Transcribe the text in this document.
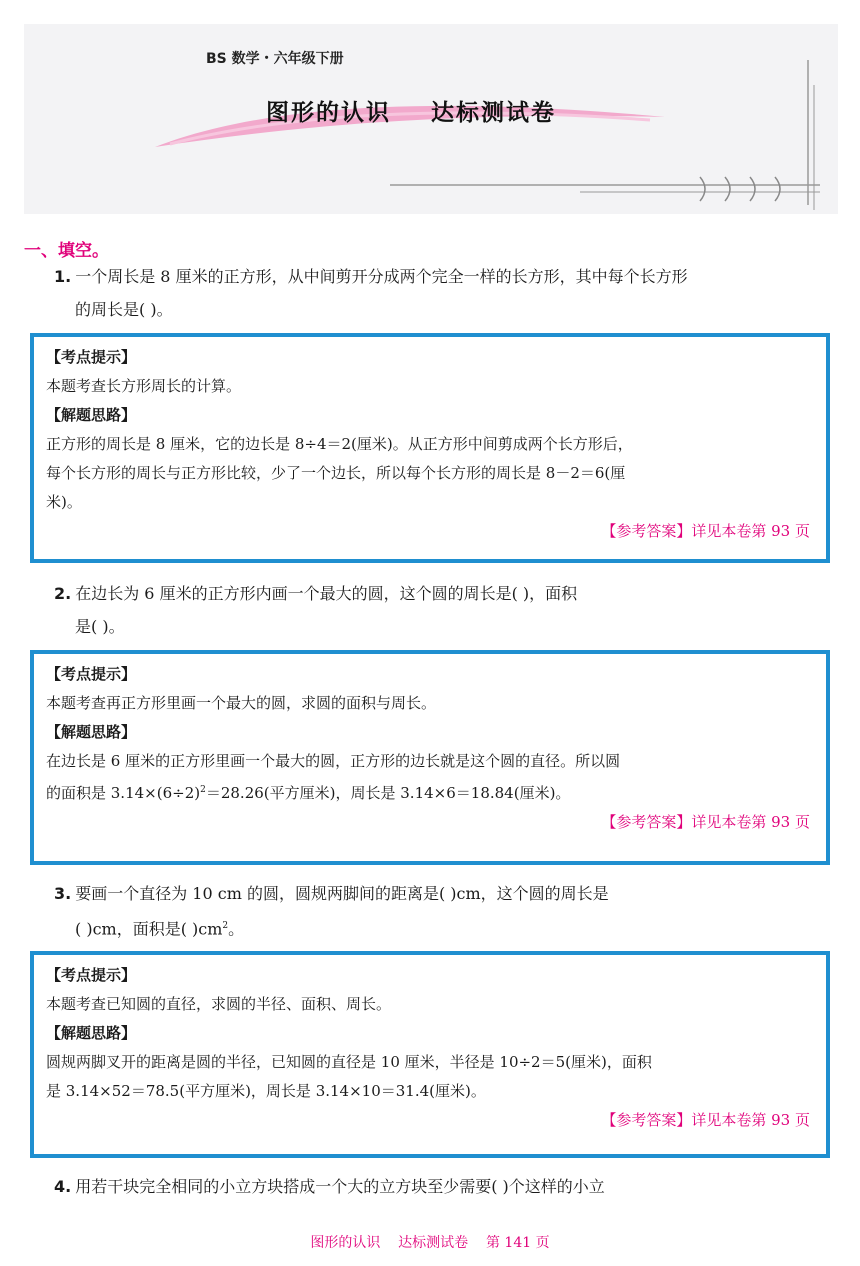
BS 数学・六年级下册
图形的认识    达标测试卷
一、填空。
1. 一个周长是 8 厘米的正方形，从中间剪开分成两个完全一样的长方形，其中每个长方形
的周长是( )。
【考点提示】
本题考查长方形周长的计算。
【解题思路】
正方形的周长是 8 厘米，它的边长是 8÷4＝2(厘米)。从正方形中间剪成两个长方形后，
每个长方形的周长与正方形比较，少了一个边长，所以每个长方形的周长是 8－2＝6(厘
米)。
【参考答案】详见本卷第 93 页
2. 在边长为 6 厘米的正方形内画一个最大的圆，这个圆的周长是( )，面积
是( )。
【考点提示】
本题考查再正方形里画一个最大的圆，求圆的面积与周长。
【解题思路】
在边长是 6 厘米的正方形里画一个最大的圆，正方形的边长就是这个圆的直径。所以圆
的面积是 $3.14\times(6\div 2)^2=28.26$(平方厘米)，周长是 3.14×6＝18.84(厘米)。
【参考答案】详见本卷第 93 页
3. 要画一个直径为 10 cm 的圆，圆规两脚间的距离是( )cm，这个圆的周长是
( )cm，面积是( )$cm^2$。
【考点提示】
本题考查已知圆的直径，求圆的半径、面积、周长。
【解题思路】
圆规两脚叉开的距离是圆的半径，已知圆的直径是 10 厘米，半径是 10÷2＝5(厘米)，面积
是 3.14×52＝78.5(平方厘米)，周长是 3.14×10＝31.4(厘米)。
【参考答案】详见本卷第 93 页
4. 用若干块完全相同的小立方块搭成一个大的立方块至少需要( )个这样的小立
图形的认识    达标测试卷    第 141 页
